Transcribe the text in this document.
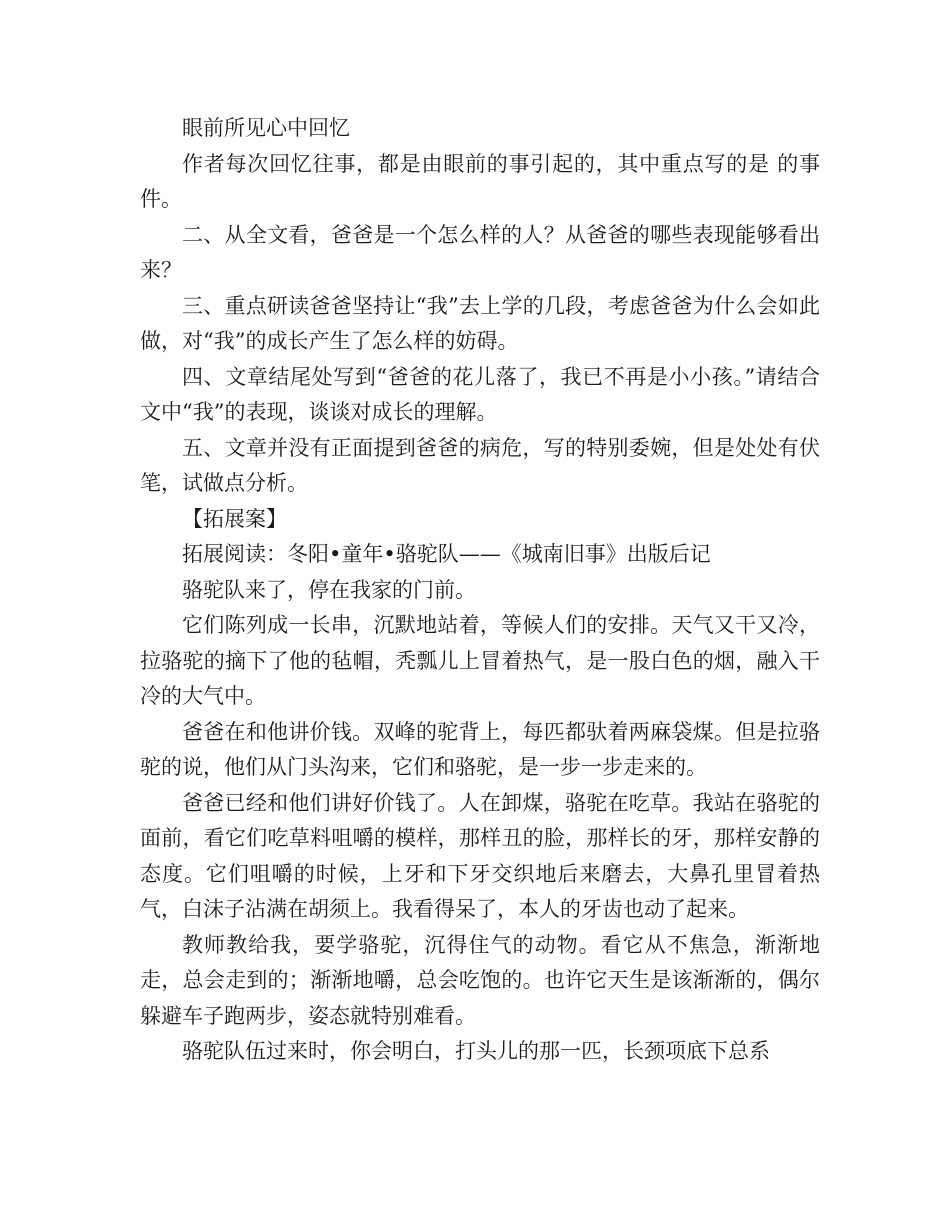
眼前所见心中回忆

作者每次回忆往事，都是由眼前的事引起的，其中重点写的是 的事件。

二、从全文看，爸爸是一个怎么样的人？从爸爸的哪些表现能够看出来？

三、重点研读爸爸坚持让“我”去上学的几段，考虑爸爸为什么会如此做，对“我”的成长产生了怎么样的妨碍。

四、文章结尾处写到“爸爸的花儿落了，我已不再是小小孩。”请结合文中“我”的表现，谈谈对成长的理解。

五、文章并没有正面提到爸爸的病危，写的特别委婉，但是处处有伏笔，试做点分析。

【拓展案】

拓展阅读：冬阳•童年•骆驼队——《城南旧事》出版后记

骆驼队来了，停在我家的门前。

它们陈列成一长串，沉默地站着，等候人们的安排。天气又干又冷，拉骆驼的摘下了他的毡帽，秃瓢儿上冒着热气，是一股白色的烟，融入干冷的大气中。

爸爸在和他讲价钱。双峰的驼背上，每匹都驮着两麻袋煤。但是拉骆驼的说，他们从门头沟来，它们和骆驼，是一步一步走来的。

爸爸已经和他们讲好价钱了。人在卸煤，骆驼在吃草。我站在骆驼的面前，看它们吃草料咀嚼的模样，那样丑的脸，那样长的牙，那样安静的态度。它们咀嚼的时候，上牙和下牙交织地后来磨去，大鼻孔里冒着热气，白沫子沾满在胡须上。我看得呆了，本人的牙齿也动了起来。

教师教给我，要学骆驼，沉得住气的动物。看它从不焦急，渐渐地走，总会走到的；渐渐地嚼，总会吃饱的。也许它天生是该渐渐的，偶尔躲避车子跑两步，姿态就特别难看。

骆驼队伍过来时，你会明白，打头儿的那一匹，长颈项底下总系
